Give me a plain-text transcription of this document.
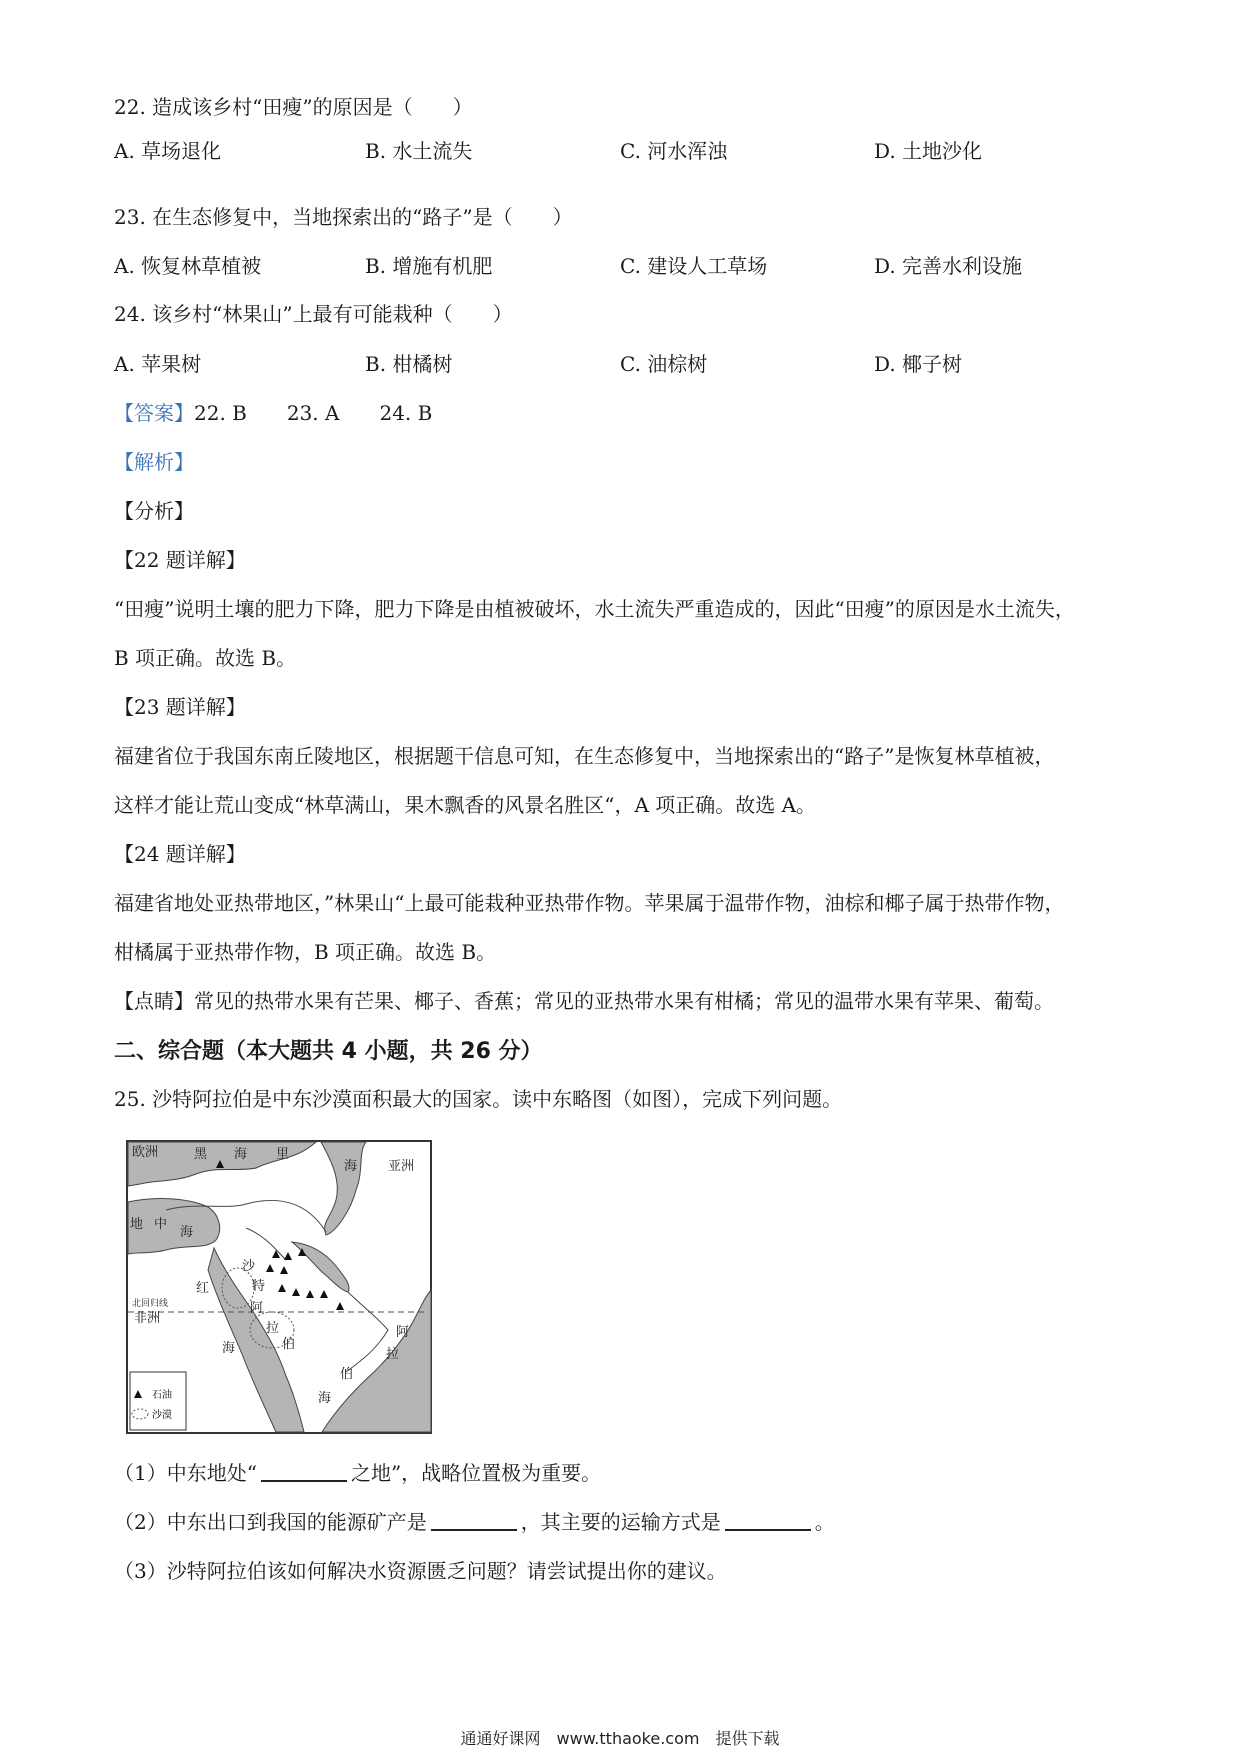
22. 造成该乡村“田瘦”的原因是（　　）
A. 草场退化	B. 水土流失	C. 河水浑浊	D. 土地沙化
23. 在生态修复中，当地探索出的“路子”是（　　）
A. 恢复林草植被	B. 增施有机肥	C. 建设人工草场	D. 完善水利设施
24. 该乡村“林果山”上最有可能栽种（　　）
A. 苹果树	B. 柑橘树	C. 油棕树	D. 椰子树
【答案】22. B　　23. A　　24. B
【解析】
【分析】
【22 题详解】
“田瘦”说明土壤的肥力下降，肥力下降是由植被破坏，水土流失严重造成的，因此“田瘦”的原因是水土流失，
B 项正确。故选 B。
【23 题详解】
福建省位于我国东南丘陵地区，根据题干信息可知，在生态修复中，当地探索出的“路子”是恢复林草植被，
这样才能让荒山变成“林草满山，果木飘香的风景名胜区“，A 项正确。故选 A。
【24 题详解】
福建省地处亚热带地区，”林果山“上最可能栽种亚热带作物。苹果属于温带作物，油棕和椰子属于热带作物，
柑橘属于亚热带作物，B 项正确。故选 B。
【点睛】常见的热带水果有芒果、椰子、香蕉；常见的亚热带水果有柑橘；常见的温带水果有苹果、葡萄。
二、综合题（本大题共 4 小题，共 26 分）
25. 沙特阿拉伯是中东沙漠面积最大的国家。读中东略图（如图），完成下列问题。
欧洲	黑 海 里
海 亚洲
地 中
海
非洲
红
海
沙
特
阿
拉
伯
阿
拉
伯
海
北回归线
石油
沙漠
（1）中东地处“	之地”，战略位置极为重要。
（2）中东出口到我国的能源矿产是	，其主要的运输方式是	。
（3）沙特阿拉伯该如何解决水资源匮乏问题？请尝试提出你的建议。
通通好课网　www.tthaoke.com　提供下载
